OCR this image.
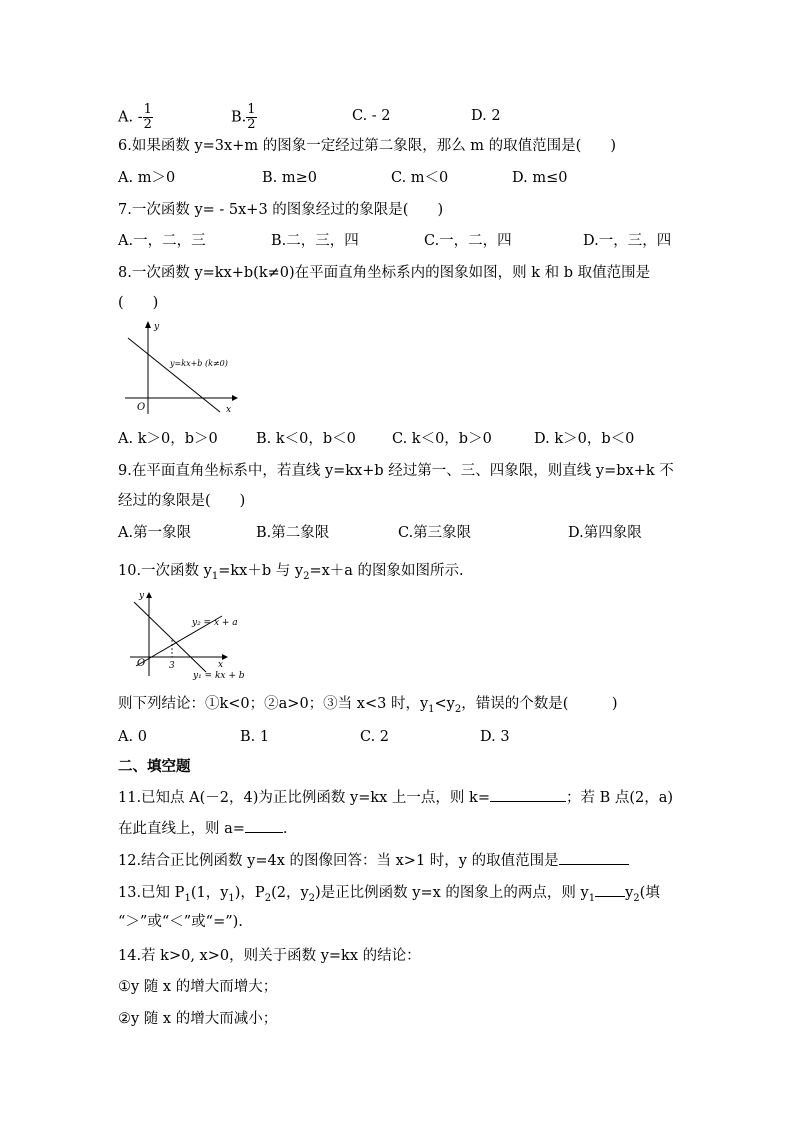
A. - $\frac{1}{2}$	B. $\frac{1}{2}$	C. - 2	D. 2
6.如果函数 y=3x+m 的图象一定经过第二象限，那么 m 的取值范围是(　　)
A. m＞0	B. m≥0	C. m＜0	D. m≤0
7.一次函数 y= - 5x+3 的图象经过的象限是(　　)
A.一，二，三	B.二，三，四	C.一，二，四	D.一，三，四
8.一次函数 y=kx+b(k≠0)在平面直角坐标系内的图象如图，则 k 和 b 取值范围是
(　　)
y
x
O
y=kx+b (k≠0)
A. k＞0，b＞0	B. k＜0，b＜0 C. k＜0，b＞0	D. k＞0，b＜0
9.在平面直角坐标系中，若直线 y=kx+b 经过第一、三、四象限，则直线 y=bx+k 不
经过的象限是(　　)
A.第一象限	B.第二象限	C.第三象限	D.第四象限
10.一次函数 $y_1=kx+b$ 与 $y_2=x+a$ 的图象如图所示.
y
x
O	3
y₂ = x + a
y₁ = kx + b
则下列结论：①k<0；②a>0；③当 x<3 时，$y_1<y_2$，错误的个数是(　　　)
A. 0	B. 1	C. 2	D. 3
二、填空题
11.已知点 A(－2，4)为正比例函数 y=kx 上一点，则 k=	；若 B 点(2，a)
在此直线上，则 a=	.
12.结合正比例函数 y=4x 的图像回答：当 x>1 时，y 的取值范围是
13.已知 $P_1(1$，$y_1$)，$P_2(2$，$y_2$)是正比例函数 y=x 的图象上的两点，则 $y_1$ $y_2$(填
“＞”或“＜”或“=”).
14.若 k>0, x>0，则关于函数 y=kx 的结论：
①y 随 x 的增大而增大；
②y 随 x 的增大而减小；
